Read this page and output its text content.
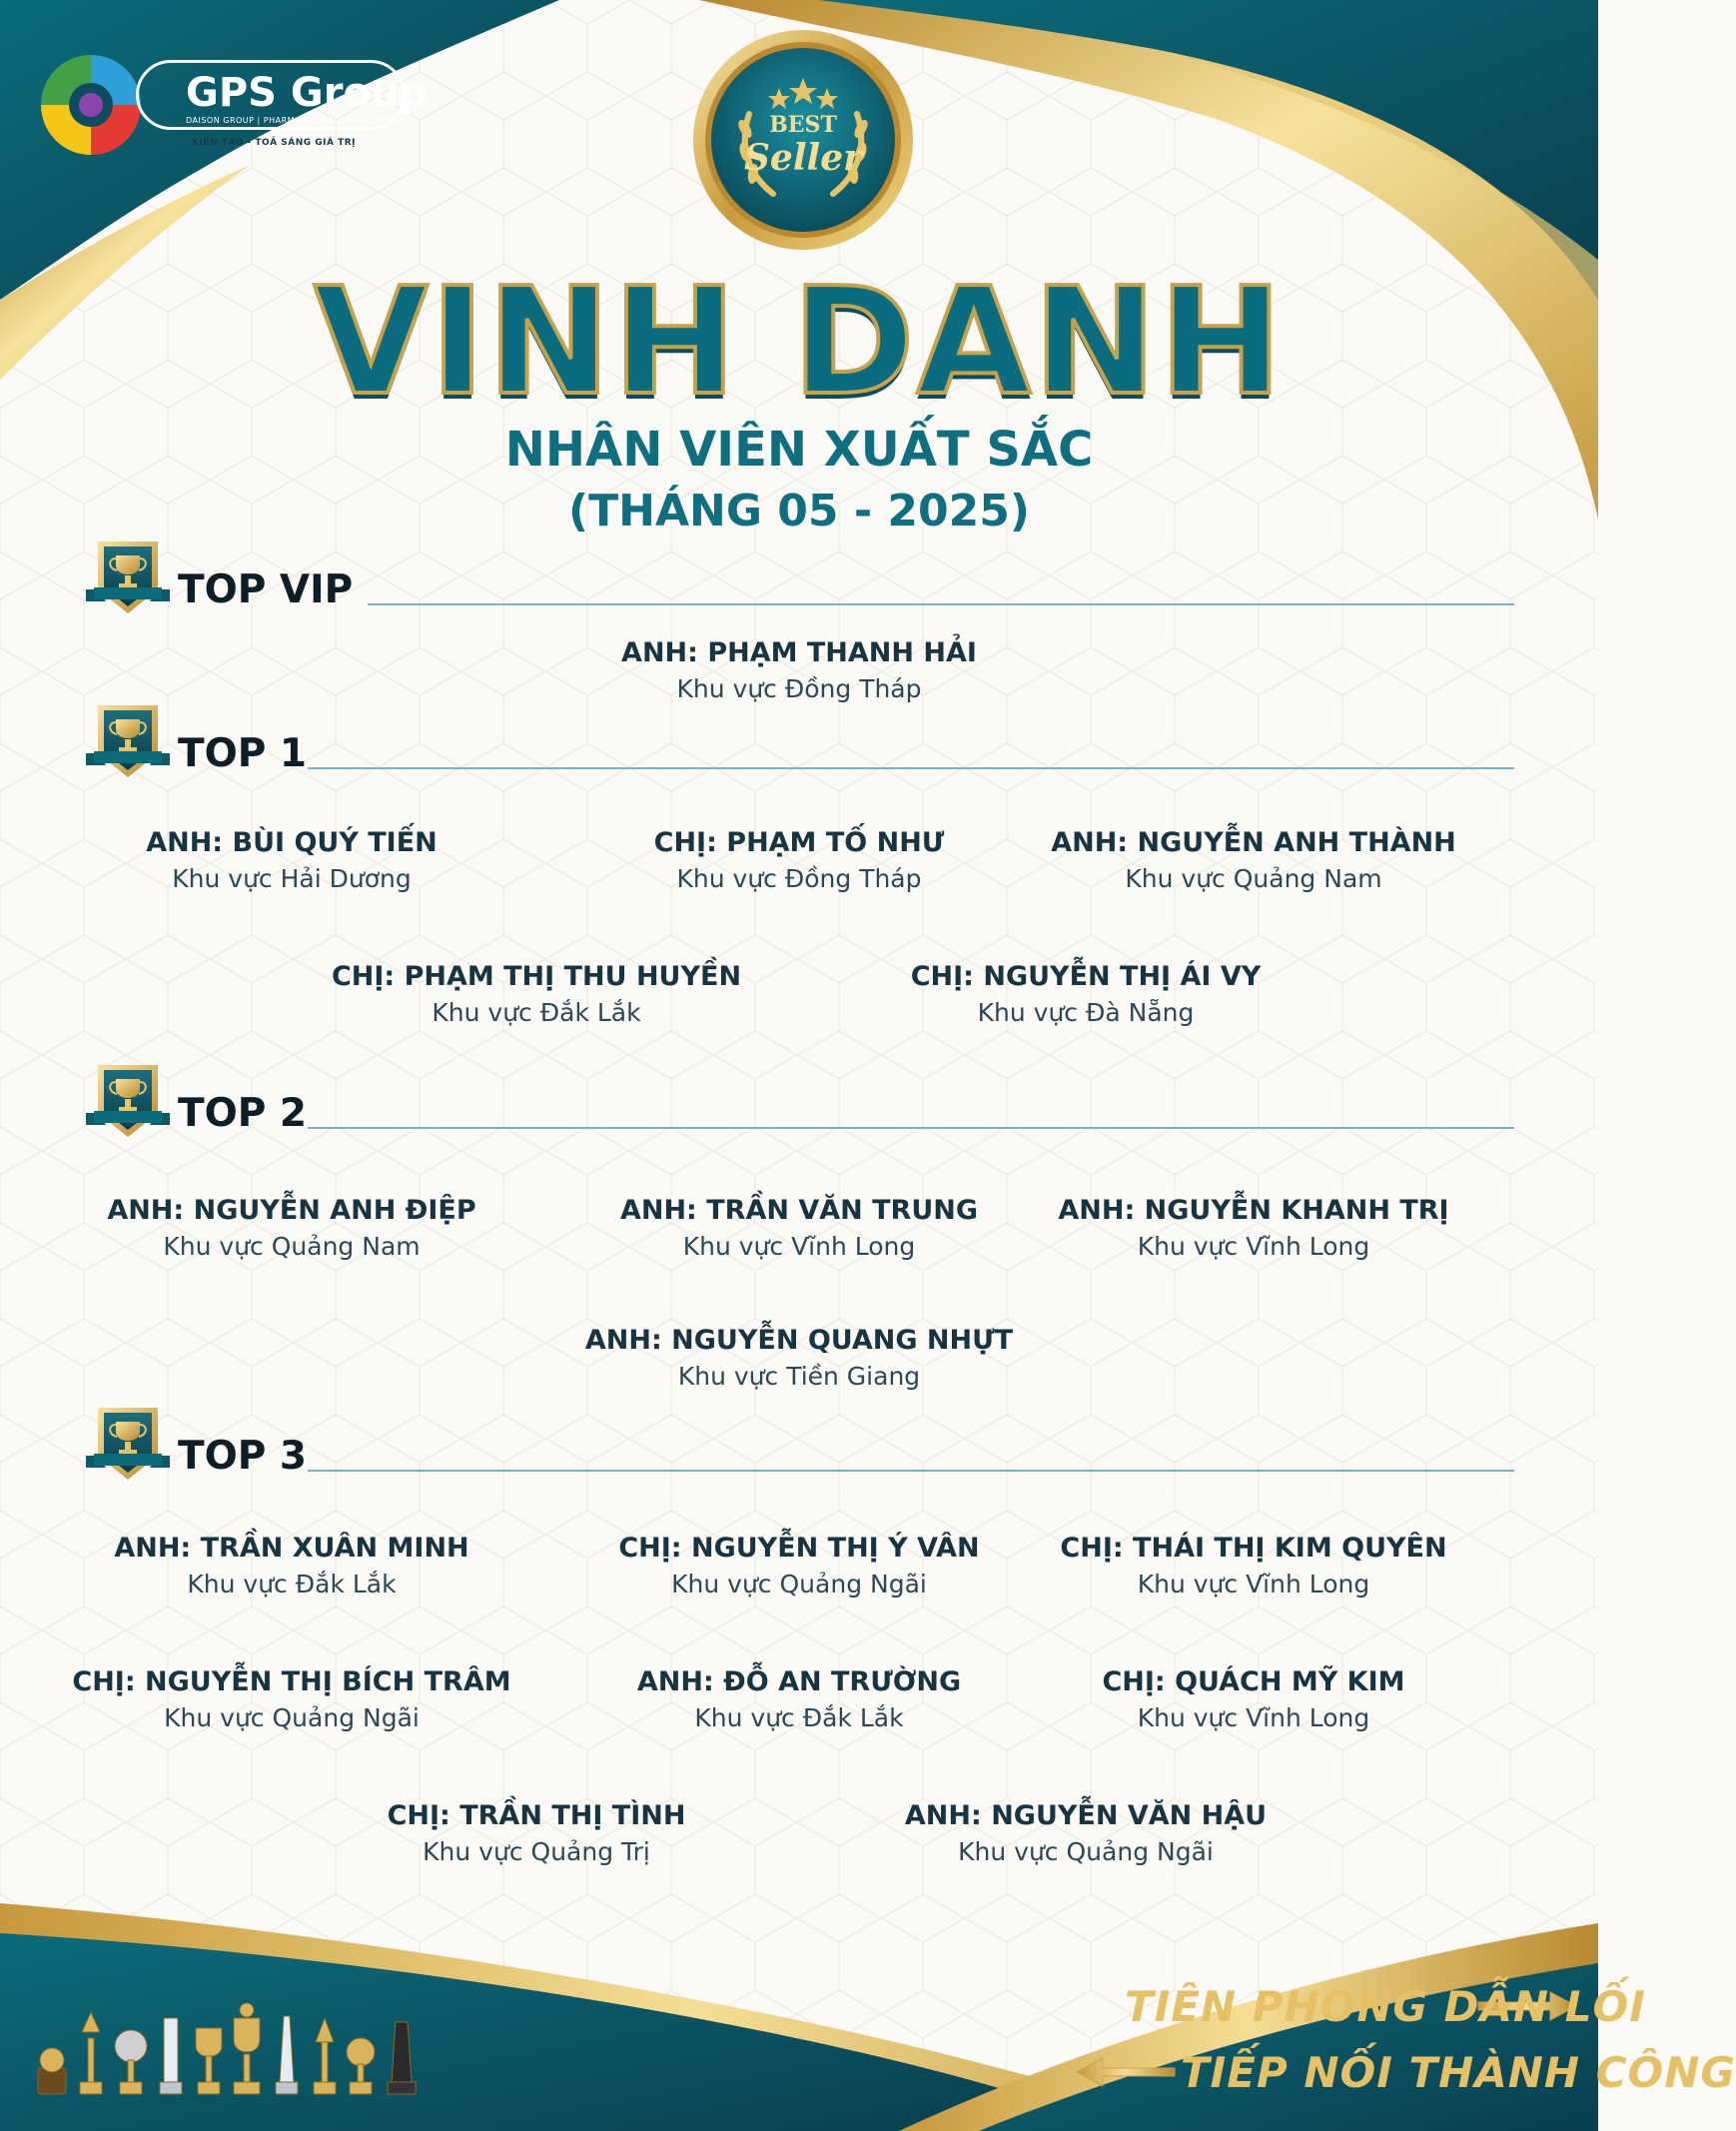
GPS Group
DAISON GROUP | PHARMA GLOBAL | WORLDPHAR
KIẾN TẠO - TOẢ SÁNG GIÁ TRỊ
BEST
Seller
VINH DANH
NHÂN VIÊN XUẤT SẮC
(THÁNG 05 - 2025)
TOP VIP
ANH: PHẠM THANH HẢI
Khu vực Đồng Tháp
TOP 1
ANH: BÙI QUÝ TIẾN
Khu vực Hải Dương
CHỊ: PHẠM TỐ NHƯ
Khu vực Đồng Tháp
ANH: NGUYỄN ANH THÀNH
Khu vực Quảng Nam
CHỊ: PHẠM THỊ THU HUYỀN
Khu vực Đắk Lắk
CHỊ: NGUYỄN THỊ ÁI VY
Khu vực Đà Nẵng
TOP 2
ANH: NGUYỄN ANH ĐIỆP
Khu vực Quảng Nam
ANH: TRẦN VĂN TRUNG
Khu vực Vĩnh Long
ANH: NGUYỄN KHANH TRỊ
Khu vực Vĩnh Long
ANH: NGUYỄN QUANG NHỰT
Khu vực Tiền Giang
TOP 3
ANH: TRẦN XUÂN MINH
Khu vực Đắk Lắk
CHỊ: NGUYỄN THỊ Ý VÂN
Khu vực Quảng Ngãi
CHỊ: THÁI THỊ KIM QUYÊN
Khu vực Vĩnh Long
CHỊ: NGUYỄN THỊ BÍCH TRÂM
Khu vực Quảng Ngãi
ANH: ĐỖ AN TRƯỜNG
Khu vực Đắk Lắk
CHỊ: QUÁCH MỸ KIM
Khu vực Vĩnh Long
CHỊ: TRẦN THỊ TÌNH
Khu vực Quảng Trị
ANH: NGUYỄN VĂN HẬU
Khu vực Quảng Ngãi
TIÊN PHONG DẪN LỐI
TIẾP NỐI THÀNH CÔNG
